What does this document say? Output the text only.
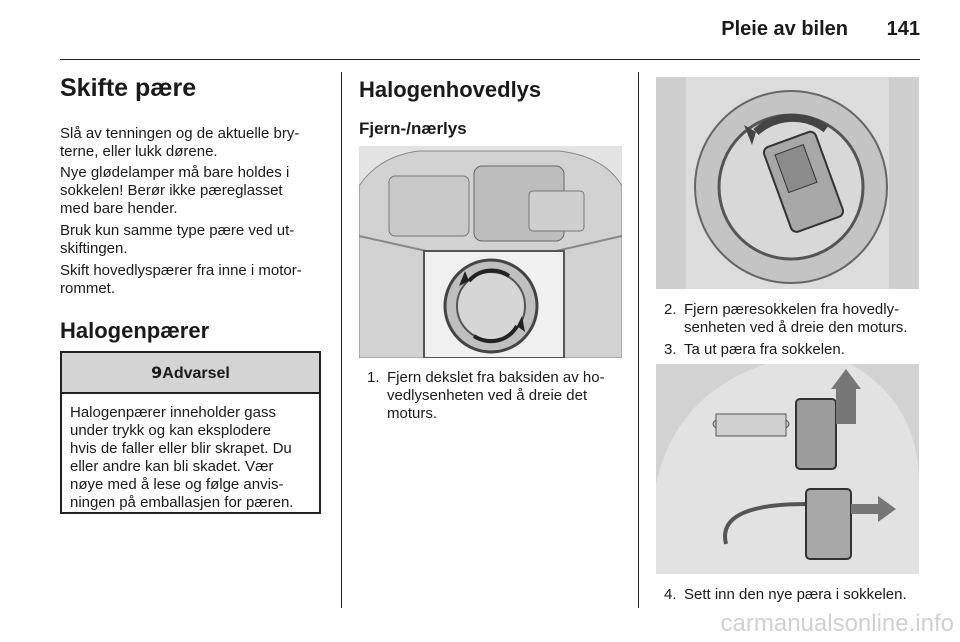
Pleie av bilen 141
Skifte pære
Slå av tenningen og de aktuelle bry-
terne, eller lukk dørene.
Nye glødelamper må bare holdes i
sokkelen! Berør ikke pæreglasset
med bare hender.
Bruk kun samme type pære ved ut-
skiftingen.
Skift hovedlyspærer fra inne i motor-
rommet.
Halogenpærer
9Advarsel
Halogenpærer inneholder gass
under trykk og kan eksplodere
hvis de faller eller blir skrapet. Du
eller andre kan bli skadet. Vær
nøye med å lese og følge anvis-
ningen på emballasjen for pæren.
Halogenhovedlys
Fjern-/nærlys
1. Fjern dekslet fra baksiden av ho-
vedlysenheten ved å dreie det
moturs.
2. Fjern pæresokkelen fra hovedly-
senheten ved å dreie den moturs.
3. Ta ut pæra fra sokkelen.
4. Sett inn den nye pæra i sokkelen.
carmanualsonline.info
